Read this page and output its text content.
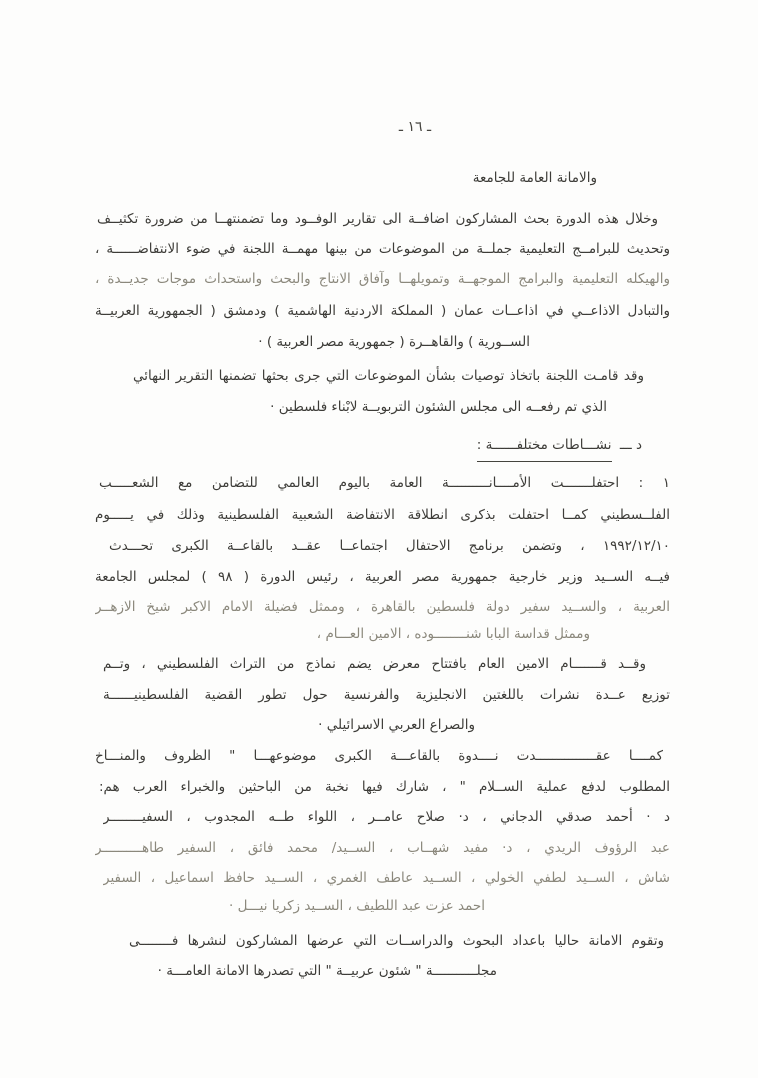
ـ ١٦ ـ
والامانة العامة للجامعة
وخلال هذه الدورة بحث المشاركون اضافــة الى تقارير الوفــود وما تضمنتهــا من ضرورة تكثيــف
وتحديث للبرامــج التعليمية جملــة من الموضوعات من بينها مهمــة اللجنة في ضوء الانتفاضــــــة ،
والهيكله التعليمية والبرامج الموجهــة وتمويلهــا وآفاق الانتاج والبحث واستحداث موجات جديــدة ،
والتبادل الاذاعــي في اذاعــات عمان ( المملكة الاردنية الهاشمية ) ودمشق ( الجمهورية العربيــة
الســورية ) والقاهــرة ( جمهورية مصر العربية ) ·
وقد قامـت اللجنة باتخاذ توصيات بشأن الموضوعات التي جرى بحثها تضمنها التقرير النهائي
الذي تم رفعــه الى مجلس الشئون التربويــة لابْناء فلسطين ·
د ـــ نشـــاطات مختلفــــــة :
١ : احتفلـــــــت الأمــــانــــــــــة العامة باليوم العالمي للتضامن مع الشعـــــب
الفلــسطيني كمــا احتفلت بذكرى انطلاقة الانتفاضة الشعبية الفلسطينية وذلك في يـــــوم
١٩٩٢/١٢/١٠ ، وتضمن برنامج الاحتفال اجتماعــا عقــد بالقاعــة الكبرى تحـــدث
فيــه الســيد وزير خارجية جمهورية مصر العربية ، رئيس الدورة ( ٩٨ ) لمجلس الجامعة
العربية ، والســيد سفير دولة فلسطين بالقاهرة ، وممثل فضيلة الامام الاكبر شيخ الازهــر
وممثل قداسة البابا شنــــــــوده ، الامين العـــام ،
وقــد قـــــــام الامين العام بافتتاح معرض يضم نماذج من التراث الفلسطيني ، وتــم
توزيع عــدة نشرات باللغتين الانجليزية والفرنسية حول تطور القضية الفلسطينيــــــة
والصراع العربي الاسرائيلي ·
كمــــا عقـــــــــــــــدت نــــدوة بالقاعـــة الكبرى موضوعهـــا " الظروف والمنـــاخ
المطلوب لدفع عملية الســلام " ، شارك فيها نخبة من الباحثين والخبراء العرب هم:
د · أحمد صدقي الدجاني ، د· صلاح عامــر ، اللواء طــه المجدوب ، السفيــــــــر
عبد الرؤوف الريدي ، د· مفيد شهــاب ، الســيد/ محمد فائق ، السفير طاهــــــــــر
شاش ، الســيد لطفي الخولي ، الســيد عاطف الغمري ، الســيد حافظ اسماعيل ، السفير
احمد عزت عبد اللطيف ، الســيد زكريا نيـــل ·
وتقوم الامانة حاليا باعداد البحوث والدراســات التي عرضها المشاركون لنشرها فــــــــى
مجلـــــــــــة " شئون عربيــة " التي تصدرها الامانة العامـــة ·
